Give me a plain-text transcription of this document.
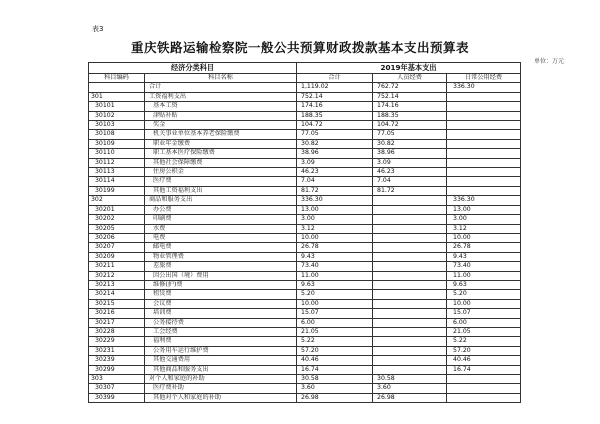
表3
重庆铁路运输检察院一般公共预算财政拨款基本支出预算表
单位：万元
经济分类科目		2019年基本支出		
科目编码	科目名称	合计	人员经费	日常公用经费
	合计	1,119.02	762.72	336.30
301	工资福利支出	752.14	752.14	
30101	基本工资	174.16	174.16	
30102	津贴补贴	188.35	188.35	
30103	奖金	104.72	104.72	
30108	机关事业单位基本养老保险缴费	77.05	77.05	
30109	职业年金缴费	30.82	30.82	
30110	职工基本医疗保险缴费	38.96	38.96	
30112	其他社会保障缴费	3.09	3.09	
30113	住房公积金	46.23	46.23	
30114	医疗费	7.04	7.04	
30199	其他工资福利支出	81.72	81.72	
302	商品和服务支出	336.30		336.30
30201	办公费	13.00		13.00
30202	印刷费	3.00		3.00
30205	水费	3.12		3.12
30206	电费	10.00		10.00
30207	邮电费	26.78		26.78
30209	物业管理费	9.43		9.43
30211	差旅费	73.40		73.40
30212	因公出国（境）费用	11.00		11.00
30213	维修(护)费	9.63		9.63
30214	租赁费	5.20		5.20
30215	会议费	10.00		10.00
30216	培训费	15.07		15.07
30217	公务接待费	6.00		6.00
30228	工会经费	21.05		21.05
30229	福利费	5.22		5.22
30231	公务用车运行维护费	57.20		57.20
30239	其他交通费用	40.46		40.46
30299	其他商品和服务支出	16.74		16.74
303	对个人和家庭的补助	30.58	30.58	
30307	医疗费补助	3.60	3.60	
30399	其他对个人和家庭的补助	26.98	26.98	
